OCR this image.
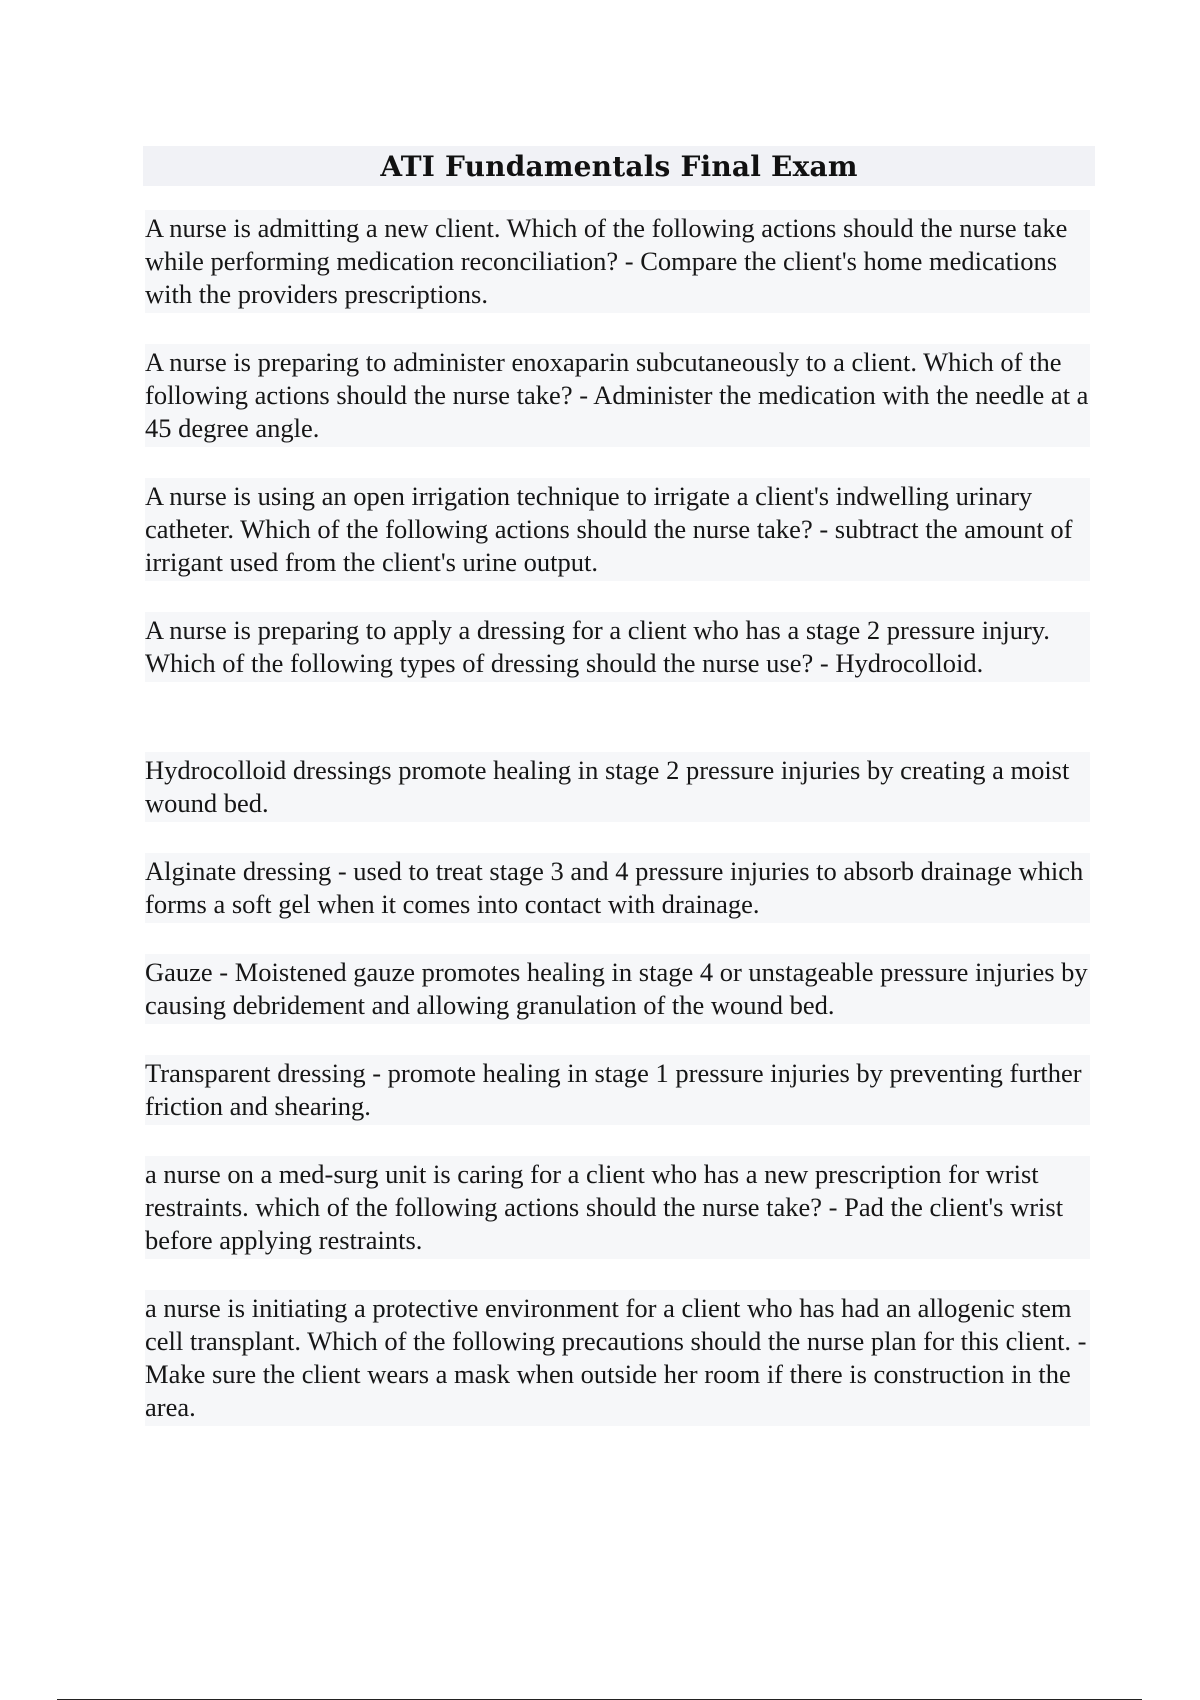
ATI Fundamentals Final Exam

A nurse is admitting a new client. Which of the following actions should the nurse take while performing medication reconciliation? - Compare the client's home medications with the providers prescriptions.

A nurse is preparing to administer enoxaparin subcutaneously to a client. Which of the following actions should the nurse take? - Administer the medication with the needle at a 45 degree angle.

A nurse is using an open irrigation technique to irrigate a client's indwelling urinary catheter. Which of the following actions should the nurse take? - subtract the amount of irrigant used from the client's urine output.

A nurse is preparing to apply a dressing for a client who has a stage 2 pressure injury. Which of the following types of dressing should the nurse use? - Hydrocolloid.

Hydrocolloid dressings promote healing in stage 2 pressure injuries by creating a moist wound bed.

Alginate dressing - used to treat stage 3 and 4 pressure injuries to absorb drainage which forms a soft gel when it comes into contact with drainage.

Gauze - Moistened gauze promotes healing in stage 4 or unstageable pressure injuries by causing debridement and allowing granulation of the wound bed.

Transparent dressing - promote healing in stage 1 pressure injuries by preventing further friction and shearing.

a nurse on a med-surg unit is caring for a client who has a new prescription for wrist restraints. which of the following actions should the nurse take? - Pad the client's wrist before applying restraints.

a nurse is initiating a protective environment for a client who has had an allogenic stem cell transplant. Which of the following precautions should the nurse plan for this client. - Make sure the client wears a mask when outside her room if there is construction in the area.
